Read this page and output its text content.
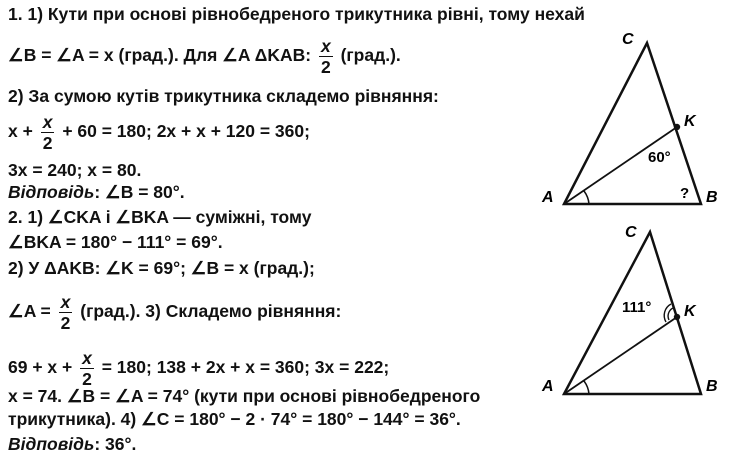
1. 1) Кути при основі рівнобедреного трикутника рівні, тому нехай
∠B = ∠A = x (град.). Для ∠A ΔKAB: $\frac{x}{2}$ (град.).
2) За сумою кутів трикутника складемо рівняння:
$x + \frac{x}{2} + 60 = 180$; 2x + x + 120 = 360;
3x = 240; x = 80.
Відповідь: ∠B = 80°.
2. 1) ∠CKA і ∠BKA — суміжні, тому
∠BKA = 180° − 111° = 69°.
2) У ΔAKB: ∠K = 69°; ∠B = x (град.);
∠A = $\frac{x}{2}$ (град.). 3) Складемо рівняння:
$69 + x + \frac{x}{2} = 180$; 138 + 2x + x = 360; 3x = 222;
x = 74. ∠B = ∠A = 74° (кути при основі рівнобедреного
трикутника). 4) ∠C = 180° − 2 · 74° = 180° − 144° = 36°.
Відповідь: 36°.
C
K
A	B
60°
?
C
K
A	B
111°
